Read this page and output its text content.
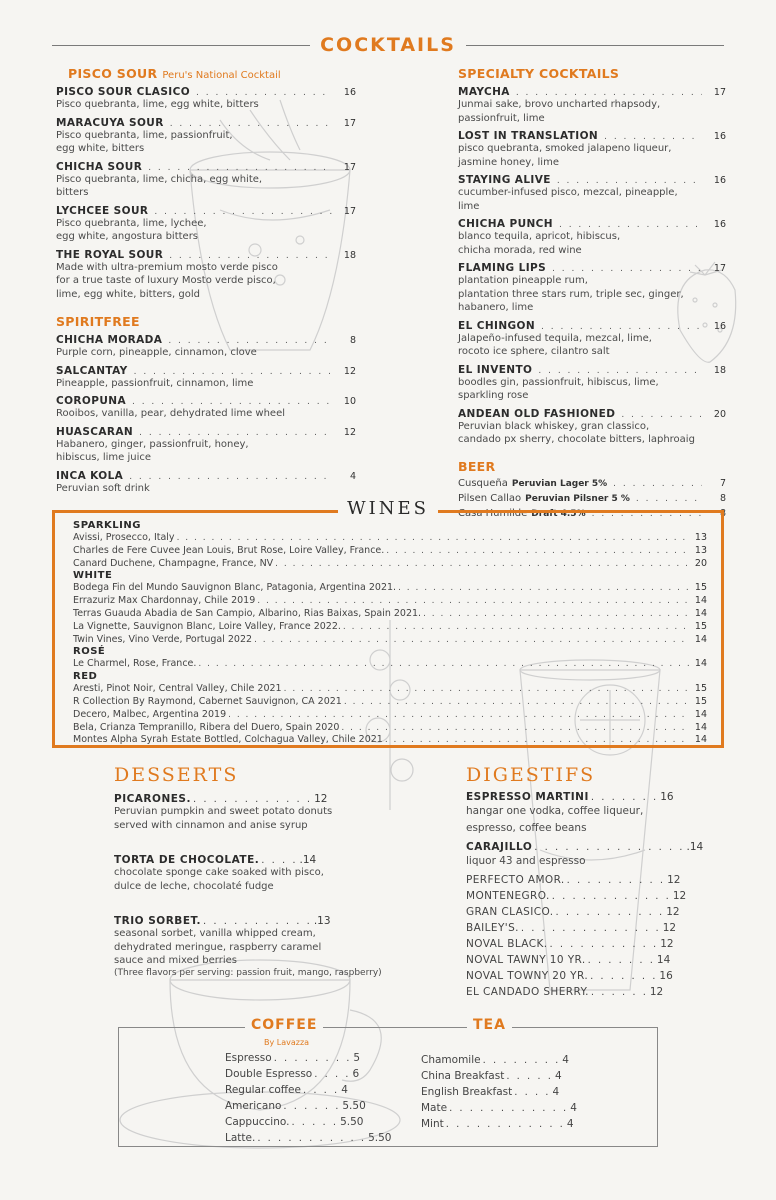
COCKTAILS
PISCO SOUR Peru's National Cocktail
PISCO SOUR CLASICO . . .	16
Pisco quebranta, lime, egg white, bitters
MARACUYA SOUR . . .	17
Pisco quebranta, lime, passionfruit,
egg white, bitters
CHICHA SOUR . . .	17
Pisco quebranta, lime, chicha, egg white,
bitters
LYCHCEE SOUR . . .	17
Pisco quebranta, lime, lychee,
egg white, angostura bitters
THE ROYAL SOUR . . .	18
Made with ultra-premium mosto verde pisco
for a true taste of luxury Mosto verde pisco,
lime, egg white, bitters, gold
SPIRITFREE
CHICHA MORADA . . .	8
Purple corn, pineapple, cinnamon, clove
SALCANTAY . . .	12
Pineapple, passionfruit, cinnamon, lime
COROPUNA . . .	10
Rooibos, vanilla, pear, dehydrated lime wheel
HUASCARAN . . .	12
Habanero, ginger, passionfruit, honey,
hibiscus, lime juice
INCA KOLA . . .	4
Peruvian soft drink
SPECIALTY COCKTAILS
MAYCHA . . .	17
Junmai sake, brovo uncharted rhapsody,
passionfruit, lime
LOST IN TRANSLATION . . .	16
pisco quebranta, smoked jalapeno liqueur,
jasmine honey, lime
STAYING ALIVE . . .	16
cucumber-infused pisco, mezcal, pineapple,
lime
CHICHA PUNCH . . .	16
blanco tequila, apricot, hibiscus,
chicha morada, red wine
FLAMING LIPS . . .	17
plantation pineapple rum,
plantation three stars rum, triple sec, ginger,
habanero, lime
EL CHINGON . . .	16
Jalapeño-infused tequila, mezcal, lime,
rocoto ice sphere, cilantro salt
EL INVENTO . . .	18
boodles gin, passionfruit, hibiscus, lime,
sparkling rose
ANDEAN OLD FASHIONED . . .	20
Peruvian black whiskey, gran classico,
candado px sherry, chocolate bitters, laphroaig
BEER
Cusqueña Peruvian Lager 5% . . .	7
Pilsen Callao Peruvian Pilsner 5 % . . .	8
Casa Humilde Draft 4.5% . . .	8
SPARKLING
Avissi, Prosecco, Italy . . .	13
Charles de Fere Cuvee Jean Louis, Brut Rose, Loire Valley, France. . . .	13
Canard Duchene, Champagne, France, NV . . .	20
WHITE
Bodega Fin del Mundo Sauvignon Blanc, Patagonia, Argentina 2021. . . .	15
Errazuriz Max Chardonnay, Chile 2019 . . .	14
Terras Guauda Abadia de San Campio, Albarino, Rias Baixas, Spain 2021. . . .	14
La Vignette, Sauvignon Blanc, Loire Valley, France 2022. . . .	15
Twin Vines, Vino Verde, Portugal 2022 . . .	14
ROSÉ
Le Charmel, Rose, France. . . .	14
RED
Aresti, Pinot Noir, Central Valley, Chile 2021 . . .	15
R Collection By Raymond, Cabernet Sauvignon, CA 2021 . . .	15
Decero, Malbec, Argentina 2019 . . .	14
Bela, Crianza Tempranillo, Ribera del Duero, Spain 2020 . . .	14
Montes Alpha Syrah Estate Bottled, Colchagua Valley, Chile 2021 . . .	14
WINES
DESSERTS
PICARONES. . . . . . . . . . . . . 12
Peruvian pumpkin and sweet potato donuts
served with cinnamon and anise syrup
TORTA DE CHOCOLATE. . . . . .14
chocolate sponge cake soaked with pisco,
dulce de leche, chocolaté fudge
TRIO SORBET. . . . . . . . . . . . .13
seasonal sorbet, vanilla whipped cream,
dehydrated meringue, raspberry caramel
sauce and mixed berries
(Three flavors per serving: passion fruit, mango, raspberry)
DIGESTIFS
ESPRESSO MARTINI . . . . . . . 16
hangar one vodka, coffee liqueur,
espresso, coffee beans
CARAJILLO . . . . . . . . . . . . . . . .14
liquor 43 and espresso
PERFECTO AMOR. . . . . . . . . . . 12
MONTENEGRO. . . . . . . . . . . . . 12
GRAN CLASICO. . . . . . . . . . . . 12
BAILEY'S. . . . . . . . . . . . . . . 12
NOVAL BLACK. . . . . . . . . . . . 12
NOVAL TAWNY 10 YR. . . . . . . . 14
NOVAL TOWNY 20 YR. . . . . . . . 16
EL CANDADO SHERRY. . . . . . . 12
COFFEE	TEA
By Lavazza
Espresso . . . . . . . . 5
Double Espresso . . . . 6
Regular coffee . . . . 4
Americano . . . . . . 5.50
Cappuccino. . . . . . 5.50
Latte. . . . . . . . . . . . 5.50
Chamomile . . . . . . . . 4
China Breakfast . . . . . 4
English Breakfast . . . . 4
Mate . . . . . . . . . . . . 4
Mint . . . . . . . . . . . . 4
